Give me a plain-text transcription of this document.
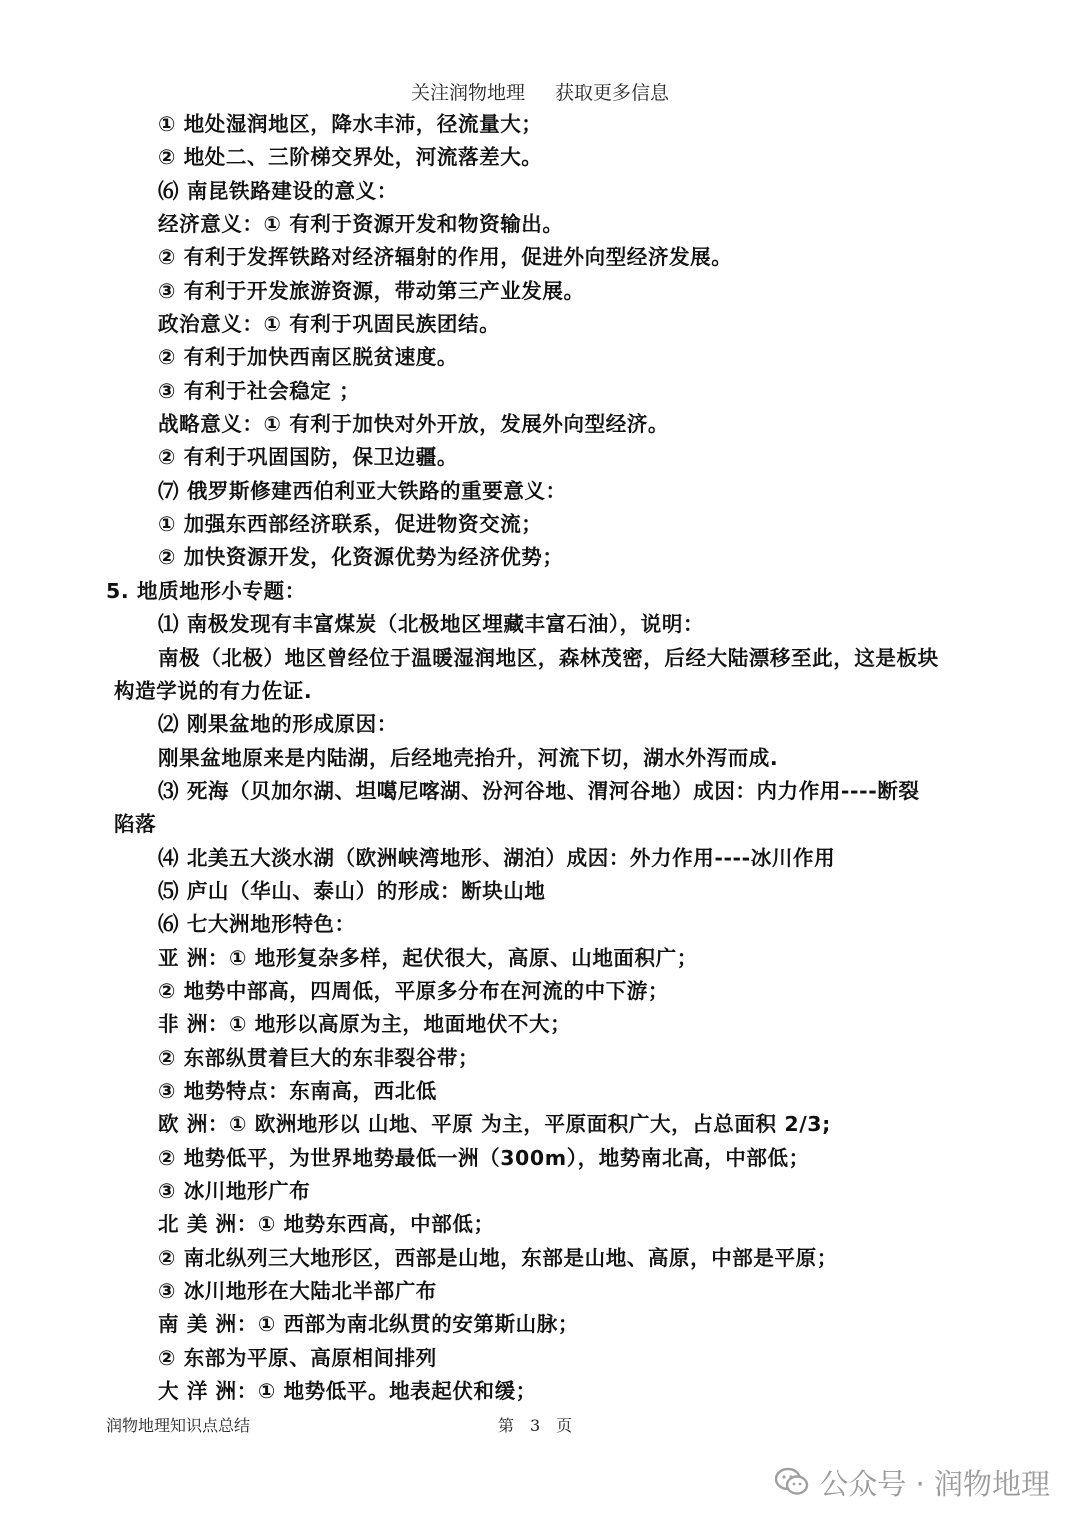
关注润物地理 获取更多信息
① 地处湿润地区，降水丰沛，径流量大；
② 地处二、三阶梯交界处，河流落差大。
⑹ 南昆铁路建设的意义：
经济意义：① 有利于资源开发和物资输出。
② 有利于发挥铁路对经济辐射的作用，促进外向型经济发展。
③ 有利于开发旅游资源，带动第三产业发展。
政治意义：① 有利于巩固民族团结。
② 有利于加快西南区脱贫速度。
③ 有利于社会稳定 ；
战略意义：① 有利于加快对外开放，发展外向型经济。
② 有利于巩固国防，保卫边疆。
⑺ 俄罗斯修建西伯利亚大铁路的重要意义：
① 加强东西部经济联系，促进物资交流；
② 加快资源开发，化资源优势为经济优势；
5. 地质地形小专题：
⑴ 南极发现有丰富煤炭（北极地区埋藏丰富石油），说明：
南极（北极）地区曾经位于温暖湿润地区，森林茂密，后经大陆漂移至此，这是板块
构造学说的有力佐证.
⑵ 刚果盆地的形成原因：
刚果盆地原来是内陆湖，后经地壳抬升，河流下切，湖水外泻而成.
⑶ 死海（贝加尔湖、坦噶尼喀湖、汾河谷地、渭河谷地）成因：内力作用----断裂
陷落
⑷ 北美五大淡水湖（欧洲峡湾地形、湖泊）成因：外力作用----冰川作用
⑸ 庐山（华山、泰山）的形成：断块山地
⑹ 七大洲地形特色：
亚 洲：① 地形复杂多样，起伏很大，高原、山地面积广；
② 地势中部高，四周低，平原多分布在河流的中下游；
非 洲：① 地形以高原为主，地面地伏不大；
② 东部纵贯着巨大的东非裂谷带；
③ 地势特点：东南高，西北低
欧 洲：① 欧洲地形以 山地、平原 为主，平原面积广大，占总面积 2/3;
② 地势低平，为世界地势最低一洲（300m），地势南北高，中部低；
③ 冰川地形广布
北 美 洲：① 地势东西高，中部低；
② 南北纵列三大地形区，西部是山地，东部是山地、高原，中部是平原；
③ 冰川地形在大陆北半部广布
南 美 洲：① 西部为南北纵贯的安第斯山脉；
② 东部为平原、高原相间排列
大 洋 洲：① 地势低平。地表起伏和缓；
润物地理知识点总结	第　3　页
公众号 · 润物地理
